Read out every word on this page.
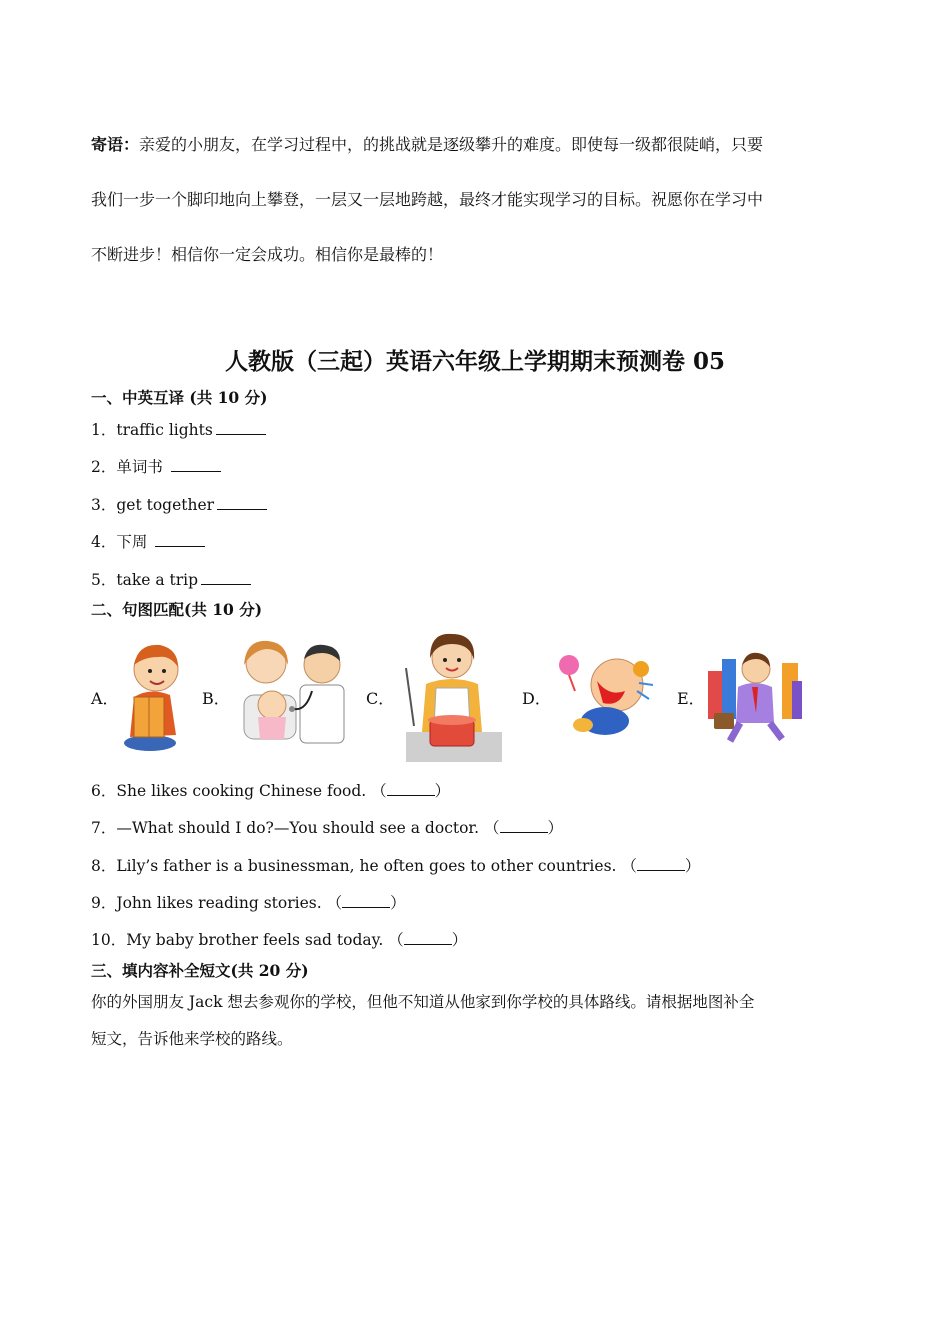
寄语：亲爱的小朋友，在学习过程中，的挑战就是逐级攀升的难度。即使每一级都很陡峭，只要
我们一步一个脚印地向上攀登，一层又一层地跨越，最终才能实现学习的目标。祝愿你在学习中
不断进步！相信你一定会成功。相信你是最棒的！
人教版（三起）英语六年级上学期期末预测卷 05
一、中英互译 (共 10 分)
1．traffic lights
2．单词书
3．get together
4．下周
5．take a trip
二、句图匹配(共 10 分)
A．	B．	C．	D．	E．
6．She likes cooking Chinese food. （	）
7．—What should I do?—You should see a doctor. （	）
8．Lily’s father is a businessman, he often goes to other countries. （	）
9．John likes reading stories. （	）
10．My baby brother feels sad today. （	）
三、填内容补全短文(共 20 分)
你的外国朋友 Jack 想去参观你的学校，但他不知道从他家到你学校的具体路线。请根据地图补全
短文，告诉他来学校的路线。
